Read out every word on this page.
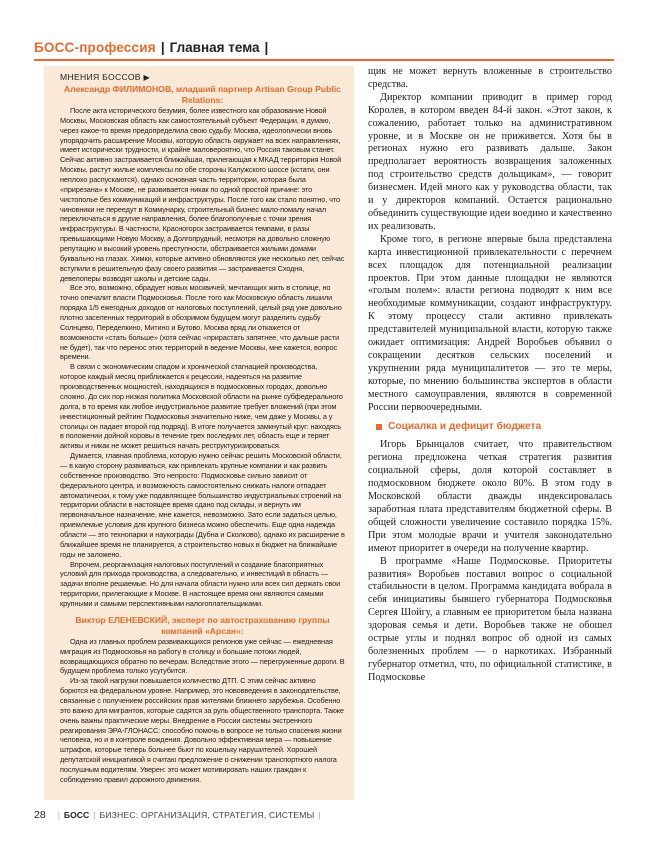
БОСС-профессия | Главная тема |
МНЕНИЯ БОССОВ ▶
Александр ФИЛИМОНОВ, младший партнер Artisan Group Public Relations:

После акта исторического безумия, более известного как образование Новой Москвы, Московская область как самостоятельный субъект Федерации, я думаю, через какое-то время предопределила свою судьбу. Москва, идеологически вновь упорядочить расширение Москвы, которую область окружает на всех направлениях, имеет исторически трудности, и крайне маловероятно, что Россия таковым станет. Сейчас активно застраивается ближайшая, прилегающая к МКАД территория Новой Москвы, растут жилые комплексы по обе стороны Калужского шоссе (кстати, они неплохо распускаются), однако основная часть территории, которая была «прирезана» к Москве, не развивается никак по одной простой причине: это чистополье без коммуникаций и инфраструктуры. После того как стало понятно, что чиновники не переедут в Коммунарку, строительный бизнес мало-помалу начал переключаться в другие направления, более благополучные с точки зрения инфраструктуры. В частности, Красногорск застраивается темпами, в разы превышающими Новую Москву, а Долгопрудный, несмотря на довольно сложную репутацию и высокий уровень преступности, обстраивается жилыми домами буквально на глазах. Химки, которые активно обновляются уже несколько лет, сейчас вступили в решительную фазу своего развития — застраивается Сходня, девелоперы возводят школы и детские сады.

Все это, возможно, обрадует новых москвичей, мечтающих жить в столице, но точно опечалит власти Подмосковья. После того как Московскую область лишили порядка 1/5 ежегодных доходов от налоговых поступлений, целый ряд уже довольно плотно заселенных территорий в обозримом будущем могут разделить судьбу Солнцево, Переделкино, Митино и Бутово. Москва вряд ли откажется от возможности «стать больше» (хотя сейчас «прирастать запятнее, что дальше расти не будет), так что перенос этих территорий в ведение Москвы, мне кажется, вопрос времени.

В связи с экономическим спадом и хронической стагнацией производства, которое каждый месяц приближается к рецессии, надеяться на развитие производственных мощностей, находящихся в подмосковных городах, довольно сложно. До сих пор низкая политика Московской области на рынке субфедерального долга, в то время как любое индустриальное развитие требует вложений (при этом инвестиционный рейтинг Подмосковья значительно ниже, чем даже у Москвы, а у столицы он падает второй год подряд). В итоге получается замкнутый круг: находясь в положении дойной коровы в течение трех последних лет, область еще и теряет активы и никак не может решиться начать реструктуризироваться.

Думается, главная проблема, которую нужно сейчас решить Московской области, — в какую сторону развиваться, как привлекать крупные компании и как развить собственное производство. Это непросто: Подмосковье сильно зависит от федерального центра, и возможность самостоятельно снижать налоги отпадает автоматически, к тому уже подавляющее большинство индустриальных строений на территории области в настоящее время сдано под склады, и вернуть им первоначальное назначение, мне кажется, невозможно. Зато если задаться целью, приемлемые условия для крупного бизнеса можно обеспечить. Еще одна надежда области — это технопарки и наукограды (Дубна и Сколково), однако их расширение в ближайшее время не планируется, а строительство новых в бюджет на ближайшие годы не заложено.

Впрочем, реорганизация налоговых поступлений и создание благоприятных условий для прихода производства, а следовательно, и инвестиций в область — задачи вполне решаемые. Но для начала области нужно или всех сил держать свои территории, прилегающие к Москве. В настоящее время они являются самыми крупными и самыми перспективными налогоплательщиками.

Виктор ЕЛЕНЕВСКИЙ, эксперт по автострахованию группы компаний «Арсан»:

Одна из главных проблем развивающихся регионов уже сейчас — ежедневная миграция из Подмосковья на работу в столицу и большие потоки людей, возвращающихся обратно по вечерам. Вследствие этого — перегруженные дороги. В будущем проблема только усугубится.

Из-за такой нагрузки повышается количество ДТП. С этим сейчас активно борются на федеральном уровне. Например, это нововведения в законодательстве, связанные с получением российских прав жителями ближнего зарубежья. Особенно это важно для мигрантов, которые садятся за руль общественного транспорта. Также очень важны практические меры. Внедрение в России системы экстренного реагирования ЭРА-ГЛОНАСС: способно помочь в вопросе не только спасения жизни человека, но и в контроле вождения. Довольно эффективная мера — повышение штрафов, которые теперь больнее бьют по кошельку нарушителей. Хорошей депутатской инициативой я считаю предложение о снижении транспортного налога послушным водителям. Уверен: это может мотивировать наших граждан к соблюдению правил дорожного движения.

щик не может вернуть вложенные в строительство средства.

Директор компании приводит в пример город Королев, в котором введен 84-й закон. «Этот закон, к сожалению, работает только на административном уровне, и в Москве он не приживется. Хотя бы в регионах нужно его развивать дальше. Закон предполагает вероятность возвращения заложенных под строительство средств дольщикам», — говорит бизнесмен. Идей много как у руководства области, так и у директоров компаний. Остается рационально объединить существующие идеи воедино и качественно их реализовать.

Кроме того, в регионе впервые была представлена карта инвестиционной привлекательности с перечнем всех площадок для потенциальной реализации проектов. При этом данные площадки не являются «голым полем»: власти региона подводят к ним все необходимые коммуникации, создают инфраструктуру. К этому процессу стали активно привлекать представителей муниципальной власти, которую также ожидает оптимизация: Андрей Воробьев объявил о сокращении десятков сельских поселений и укрупнении ряда муниципалитетов — это те меры, которые, по мнению большинства экспертов в области местного самоуправления, являются в современной России первоочередными.

Социалка и дефицит бюджета

Игорь Брынцалов считает, что правительством региона предложена четкая стратегия развития социальной сферы, доля которой составляет в подмосковном бюджете около 80%. В этом году в Московской области дважды индексировалась заработная плата представителям бюджетной сферы. В общей сложности увеличение составило порядка 15%. При этом молодые врачи и учителя законодательно имеют приоритет в очереди на получение квартир.

В программе «Наше Подмосковье. Приоритеты развития» Воробьев поставил вопрос о социальной стабильности в целом. Программа кандидата вобрала в себя инициативы бывшего губернатора Подмосковья Сергея Шойгу, а главным ее приоритетом была названа здоровая семья и дети. Воробьев также не обошел острые углы и поднял вопрос об одной из самых болезненных проблем — о наркотиках. Избранный губернатор отметил, что, по официальной статистике, в Подмосковье

28 | БОСС | БИЗНЕС: ОРГАНИЗАЦИЯ, СТРАТЕГИЯ, СИСТЕМЫ |
